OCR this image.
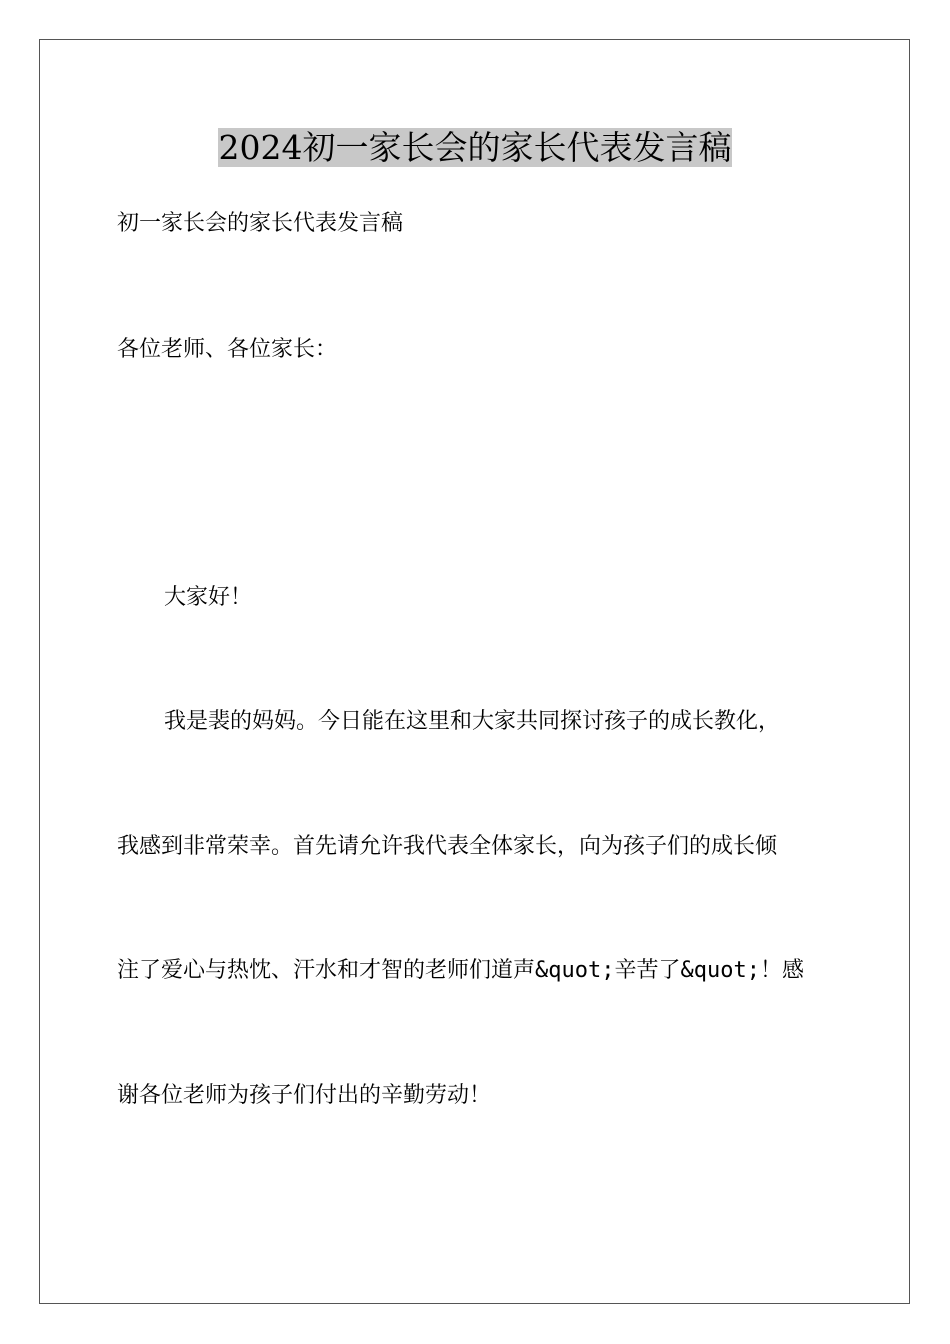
2024初一家长会的家长代表发言稿
初一家长会的家长代表发言稿
各位老师、各位家长：
大家好！
我是裴的妈妈。今日能在这里和大家共同探讨孩子的成长教化，
我感到非常荣幸。首先请允许我代表全体家长，向为孩子们的成长倾
注了爱心与热忱、汗水和才智的老师们道声&quot;辛苦了&quot;！感
谢各位老师为孩子们付出的辛勤劳动！
